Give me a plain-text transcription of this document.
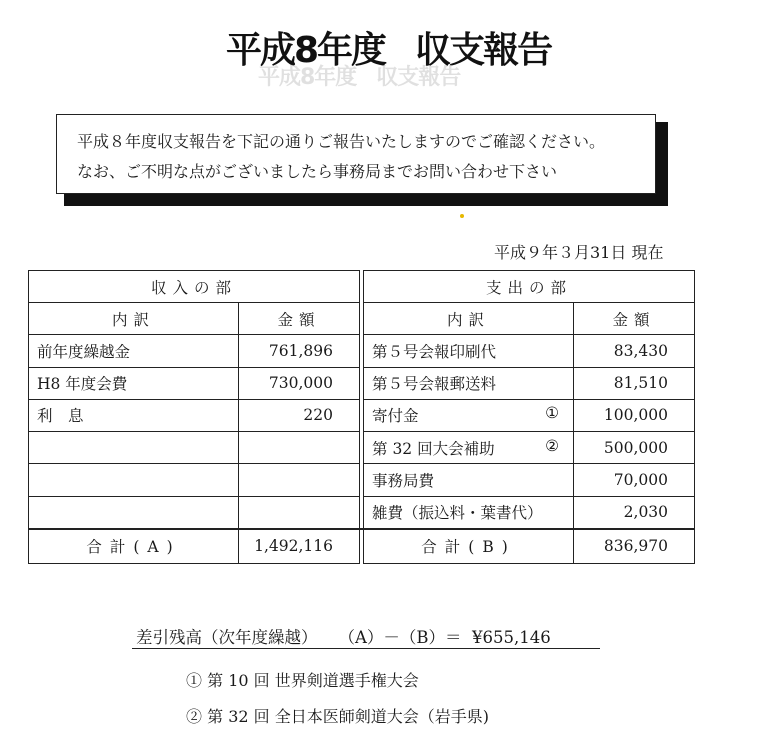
平成8年度 収支報告
平成8年度 収支報告
平成８年度収支報告を下記の通りご報告いたしますのでご確認ください。
なお、ご不明な点がございましたら事務局までお問い合わせ下さい
平成９年３月31日 現在
収入の部			支出の部	
内訳	金額		内訳	金額
前年度繰越金	761,896		第５号会報印刷代	83,430
H8 年度会費	730,000		第５号会報郵送料	81,510
利　息	220		寄付金 ①	100,000
			第 32 回大会補助 ②	500,000
			事務局費	70,000
			雑費（振込料・葉書代）	2,030
合計(A)	1,492,116		合計(B)	836,970
差引残高（次年度繰越） （A）－（B）＝ ¥655,146
① 第 10 回 世界剣道選手権大会
② 第 32 回 全日本医師剣道大会（岩手県)
